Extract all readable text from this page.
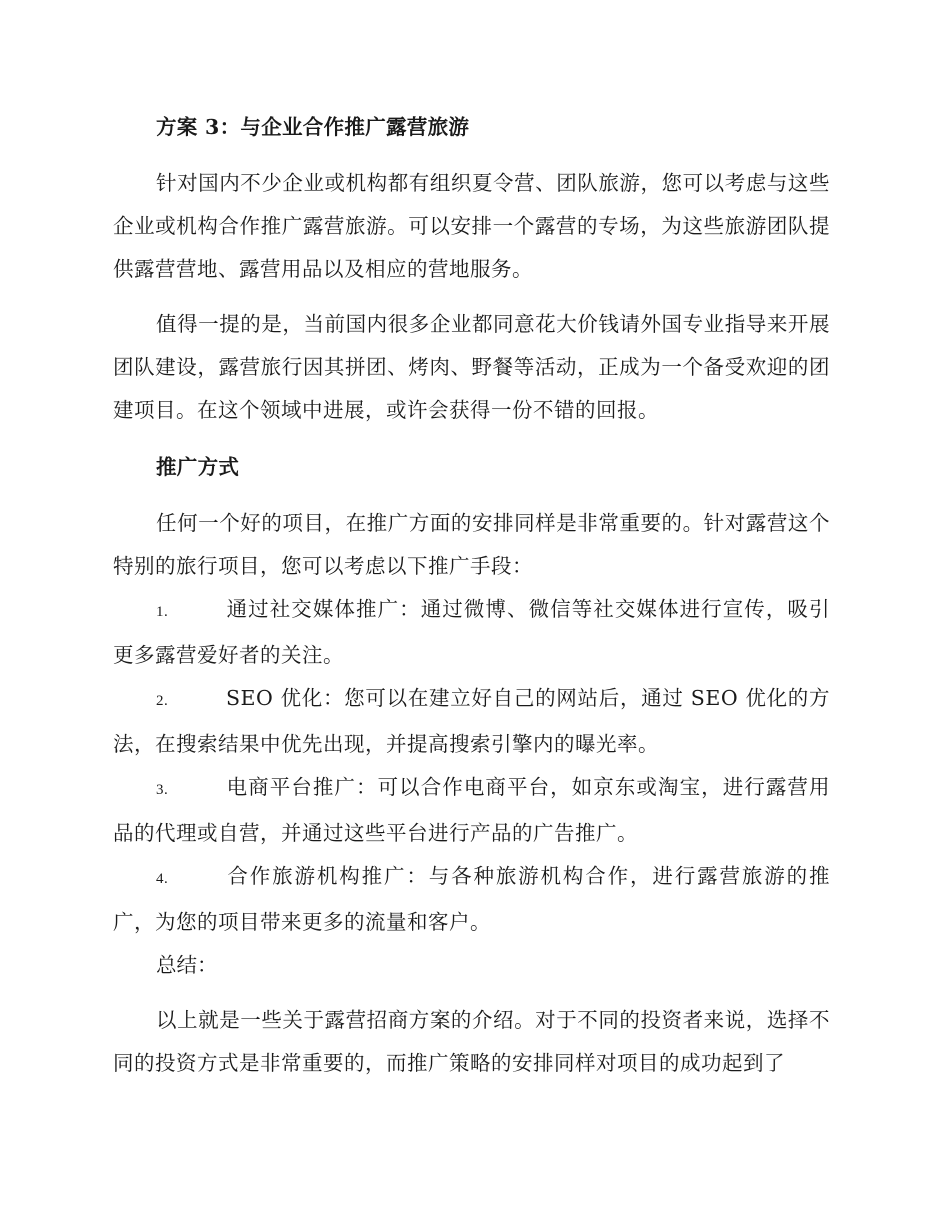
方案 3：与企业合作推广露营旅游

针对国内不少企业或机构都有组织夏令营、团队旅游，您可以考虑与这些企业或机构合作推广露营旅游。可以安排一个露营的专场，为这些旅游团队提供露营营地、露营用品以及相应的营地服务。

值得一提的是，当前国内很多企业都同意花大价钱请外国专业指导来开展团队建设，露营旅行因其拼团、烤肉、野餐等活动，正成为一个备受欢迎的团建项目。在这个领域中进展，或许会获得一份不错的回报。

推广方式

任何一个好的项目，在推广方面的安排同样是非常重要的。针对露营这个特别的旅行项目，您可以考虑以下推广手段：

1.	通过社交媒体推广：通过微博、微信等社交媒体进行宣传，吸引更多露营爱好者的关注。

2.	SEO 优化：您可以在建立好自己的网站后，通过 SEO 优化的方法，在搜索结果中优先出现，并提高搜索引擎内的曝光率。

3.	电商平台推广：可以合作电商平台，如京东或淘宝，进行露营用品的代理或自营，并通过这些平台进行产品的广告推广。

4.	合作旅游机构推广：与各种旅游机构合作，进行露营旅游的推广，为您的项目带来更多的流量和客户。

总结：

以上就是一些关于露营招商方案的介绍。对于不同的投资者来说，选择不同的投资方式是非常重要的，而推广策略的安排同样对项目的成功起到了
